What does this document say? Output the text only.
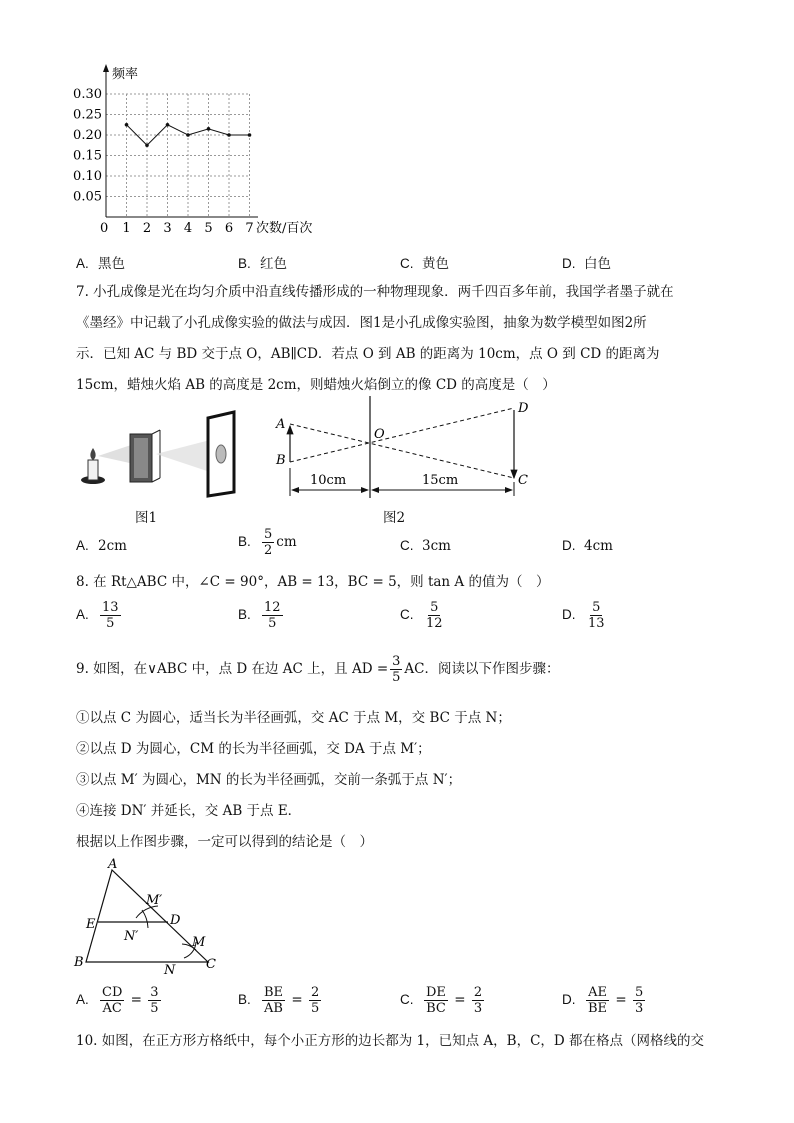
频率
次数/百次
0
0.30
0.25
0.20
0.15
0.10
0.05
1 2 3 4 5 6 7
A. 黑色	B. 红色	C. 黄色	D. 白色
7. 小孔成像是光在均匀介质中沿直线传播形成的一种物理现象．两千四百多年前，我国学者墨子就在
《墨经》中记载了小孔成像实验的做法与成因．图1是小孔成像实验图，抽象为数学模型如图2所
示．已知 AC 与 BD 交于点 O，AB∥CD．若点 O 到 AB 的距离为 10cm，点 O 到 CD 的距离为
15cm，蜡烛火焰 AB 的高度是 2cm，则蜡烛火焰倒立的像 CD 的高度是（　）
图1
A
B
O
D
C
10cm	15cm
图2
A. 2cm	B. $\frac{5}{2}$ cm	C. 3cm	D. 4cm
8. 在 Rt△ABC 中，∠C = 90°，AB = 13，BC = 5，则 tan A 的值为（　）
A. $\frac{13}{5}$	B. $\frac{12}{5}$	C. $\frac{5}{12}$	D. $\frac{5}{13}$
9. 如图，在∨ABC 中，点 D 在边 AC 上，且 AD = $\frac{3}{5}$ AC．阅读以下作图步骤：
①以点 C 为圆心，适当长为半径画弧，交 AC 于点 M，交 BC 于点 N；
②以点 D 为圆心，CM 的长为半径画弧，交 DA 于点 M′；
③以点 M′ 为圆心，MN 的长为半径画弧，交前一条弧于点 N′；
④连接 DN′ 并延长，交 AB 于点 E．
根据以上作图步骤，一定可以得到的结论是（　）
A
B	C
D
E
M
N
M′
N′
A. $\frac{CD}{AC} = \frac{3}{5}$	B. $\frac{BE}{AB} = \frac{2}{5}$	C. $\frac{DE}{BC} = \frac{2}{3}$	D. $\frac{AE}{BE} = \frac{5}{3}$
10. 如图，在正方形方格纸中，每个小正方形的边长都为 1，已知点 A，B，C，D 都在格点（网格线的交
